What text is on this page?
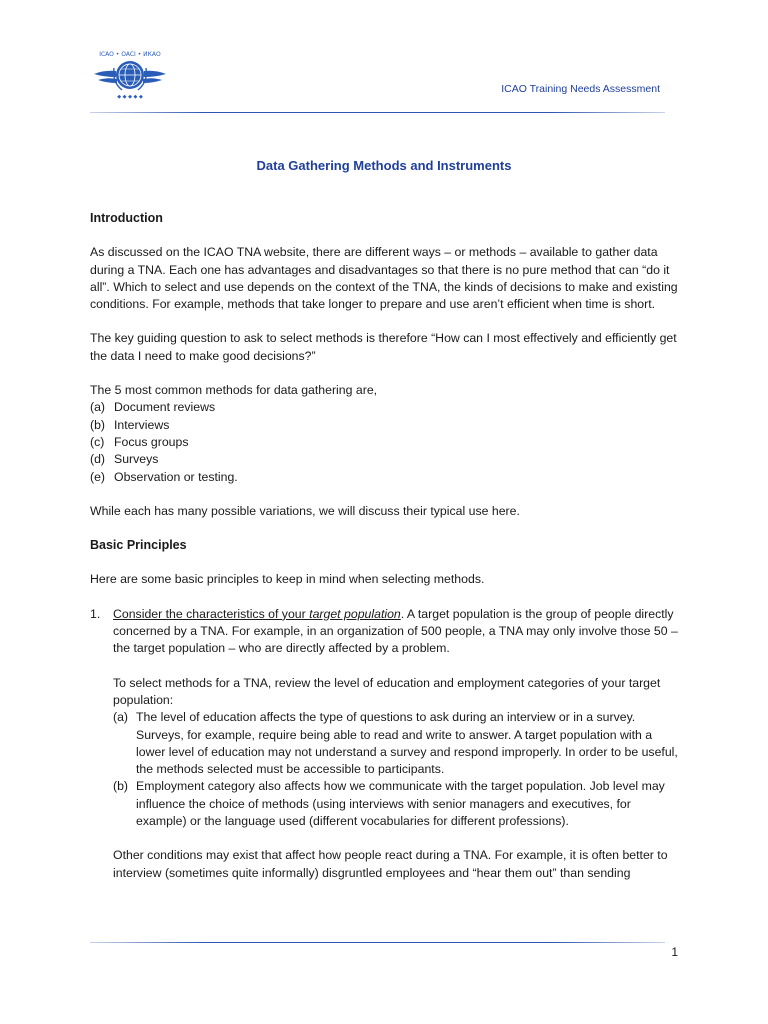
ICAO • OACI • ИКАО
◆ ◆ ◆ ◆ ◆
ICAO Training Needs Assessment
Data Gathering Methods and Instruments

Introduction

As discussed on the ICAO TNA website, there are different ways – or methods – available to gather data during a TNA. Each one has advantages and disadvantages so that there is no pure method that can “do it all”. Which to select and use depends on the context of the TNA, the kinds of decisions to make and existing conditions. For example, methods that take longer to prepare and use aren’t efficient when time is short.

The key guiding question to ask to select methods is therefore “How can I most effectively and efficiently get the data I need to make good decisions?”

The 5 most common methods for data gathering are,

(a) Document reviews
(b) Interviews
(c) Focus groups
(d) Surveys
(e) Observation or testing.

While each has many possible variations, we will discuss their typical use here.

Basic Principles

Here are some basic principles to keep in mind when selecting methods.

1.	Consider the characteristics of your target population. A target population is the group of people directly concerned by a TNA. For example, in an organization of 500 people, a TNA may only involve those 50 – the target population – who are directly affected by a problem.

To select methods for a TNA, review the level of education and employment categories of your target population:

(a) The level of education affects the type of questions to ask during an interview or in a survey. Surveys, for example, require being able to read and write to answer. A target population with a lower level of education may not understand a survey and respond improperly. In order to be useful, the methods selected must be accessible to participants.
(b) Employment category also affects how we communicate with the target population. Job level may influence the choice of methods (using interviews with senior managers and executives, for example) or the language used (different vocabularies for different professions).

Other conditions may exist that affect how people react during a TNA. For example, it is often better to interview (sometimes quite informally) disgruntled employees and “hear them out” than sending

1
